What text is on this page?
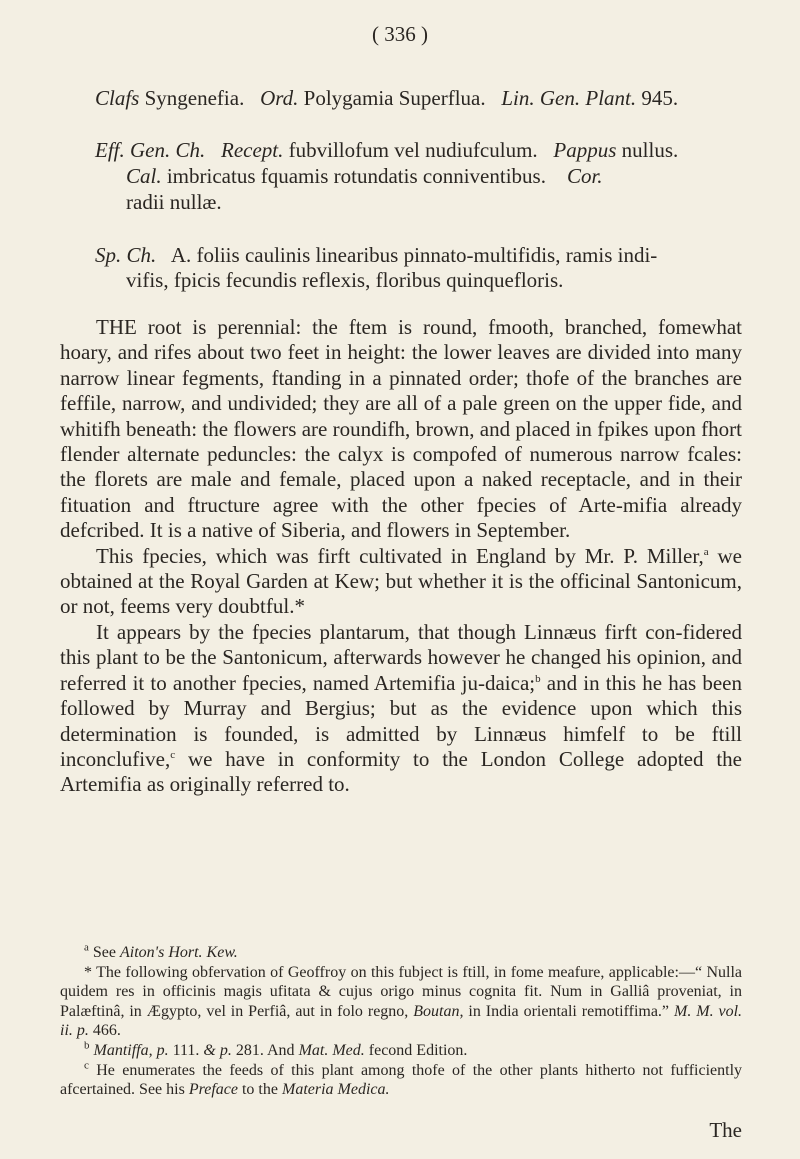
( 336 )
Clafs Syngenefia. Ord. Polygamia Superflua. Lin. Gen. Plant. 945.
Eff. Gen. Ch. Recept. fubvillofum vel nudiufculum. Pappus nullus.
Cal. imbricatus fquamis rotundatis conniventibus. Cor.
radii nullæ.
Sp. Ch. A. foliis caulinis linearibus pinnato-multifidis, ramis indi-
vifis, fpicis fecundis reflexis, floribus quinquefloris.

THE root is perennial: the ftem is round, fmooth, branched, fomewhat hoary, and rifes about two feet in height: the lower leaves are divided into many narrow linear fegments, ftanding in a pinnated order; thofe of the branches are feffile, narrow, and undivided; they are all of a pale green on the upper fide, and whitifh beneath: the flowers are roundifh, brown, and placed in fpikes upon fhort flender alternate peduncles: the calyx is compofed of numerous narrow fcales: the florets are male and female, placed upon a naked receptacle, and in their fituation and ftructure agree with the other fpecies of Arte-mifia already defcribed. It is a native of Siberia, and flowers in September.

This fpecies, which was firft cultivated in England by Mr. P. Miller,$^a$ we obtained at the Royal Garden at Kew; but whether it is the officinal Santonicum, or not, feems very doubtful.*

It appears by the fpecies plantarum, that though Linnæus firft con-fidered this plant to be the Santonicum, afterwards however he changed his opinion, and referred it to another fpecies, named Artemifia ju-daica;$^b$ and in this he has been followed by Murray and Bergius; but as the evidence upon which this determination is founded, is admitted by Linnæus himfelf to be ftill inconclufive,$^c$ we have in conformity to the London College adopted the Artemifia as originally referred to.

$^a$ See Aiton's Hort. Kew.

* The following obfervation of Geoffroy on this fubject is ftill, in fome meafure, applicable:—“ Nulla quidem res in officinis magis ufitata & cujus origo minus cognita fit. Num in Galliâ proveniat, in Palæftinâ, in Ægypto, vel in Perfiâ, aut in folo regno, Boutan, in India orientali remotiffima.” M. M. vol. ii. p. 466.

$^b$ Mantiffa, p. 111. & p. 281. And Mat. Med. fecond Edition.

$^c$ He enumerates the feeds of this plant among thofe of the other plants hitherto not fufficiently afcertained. See his Preface to the Materia Medica.

The
